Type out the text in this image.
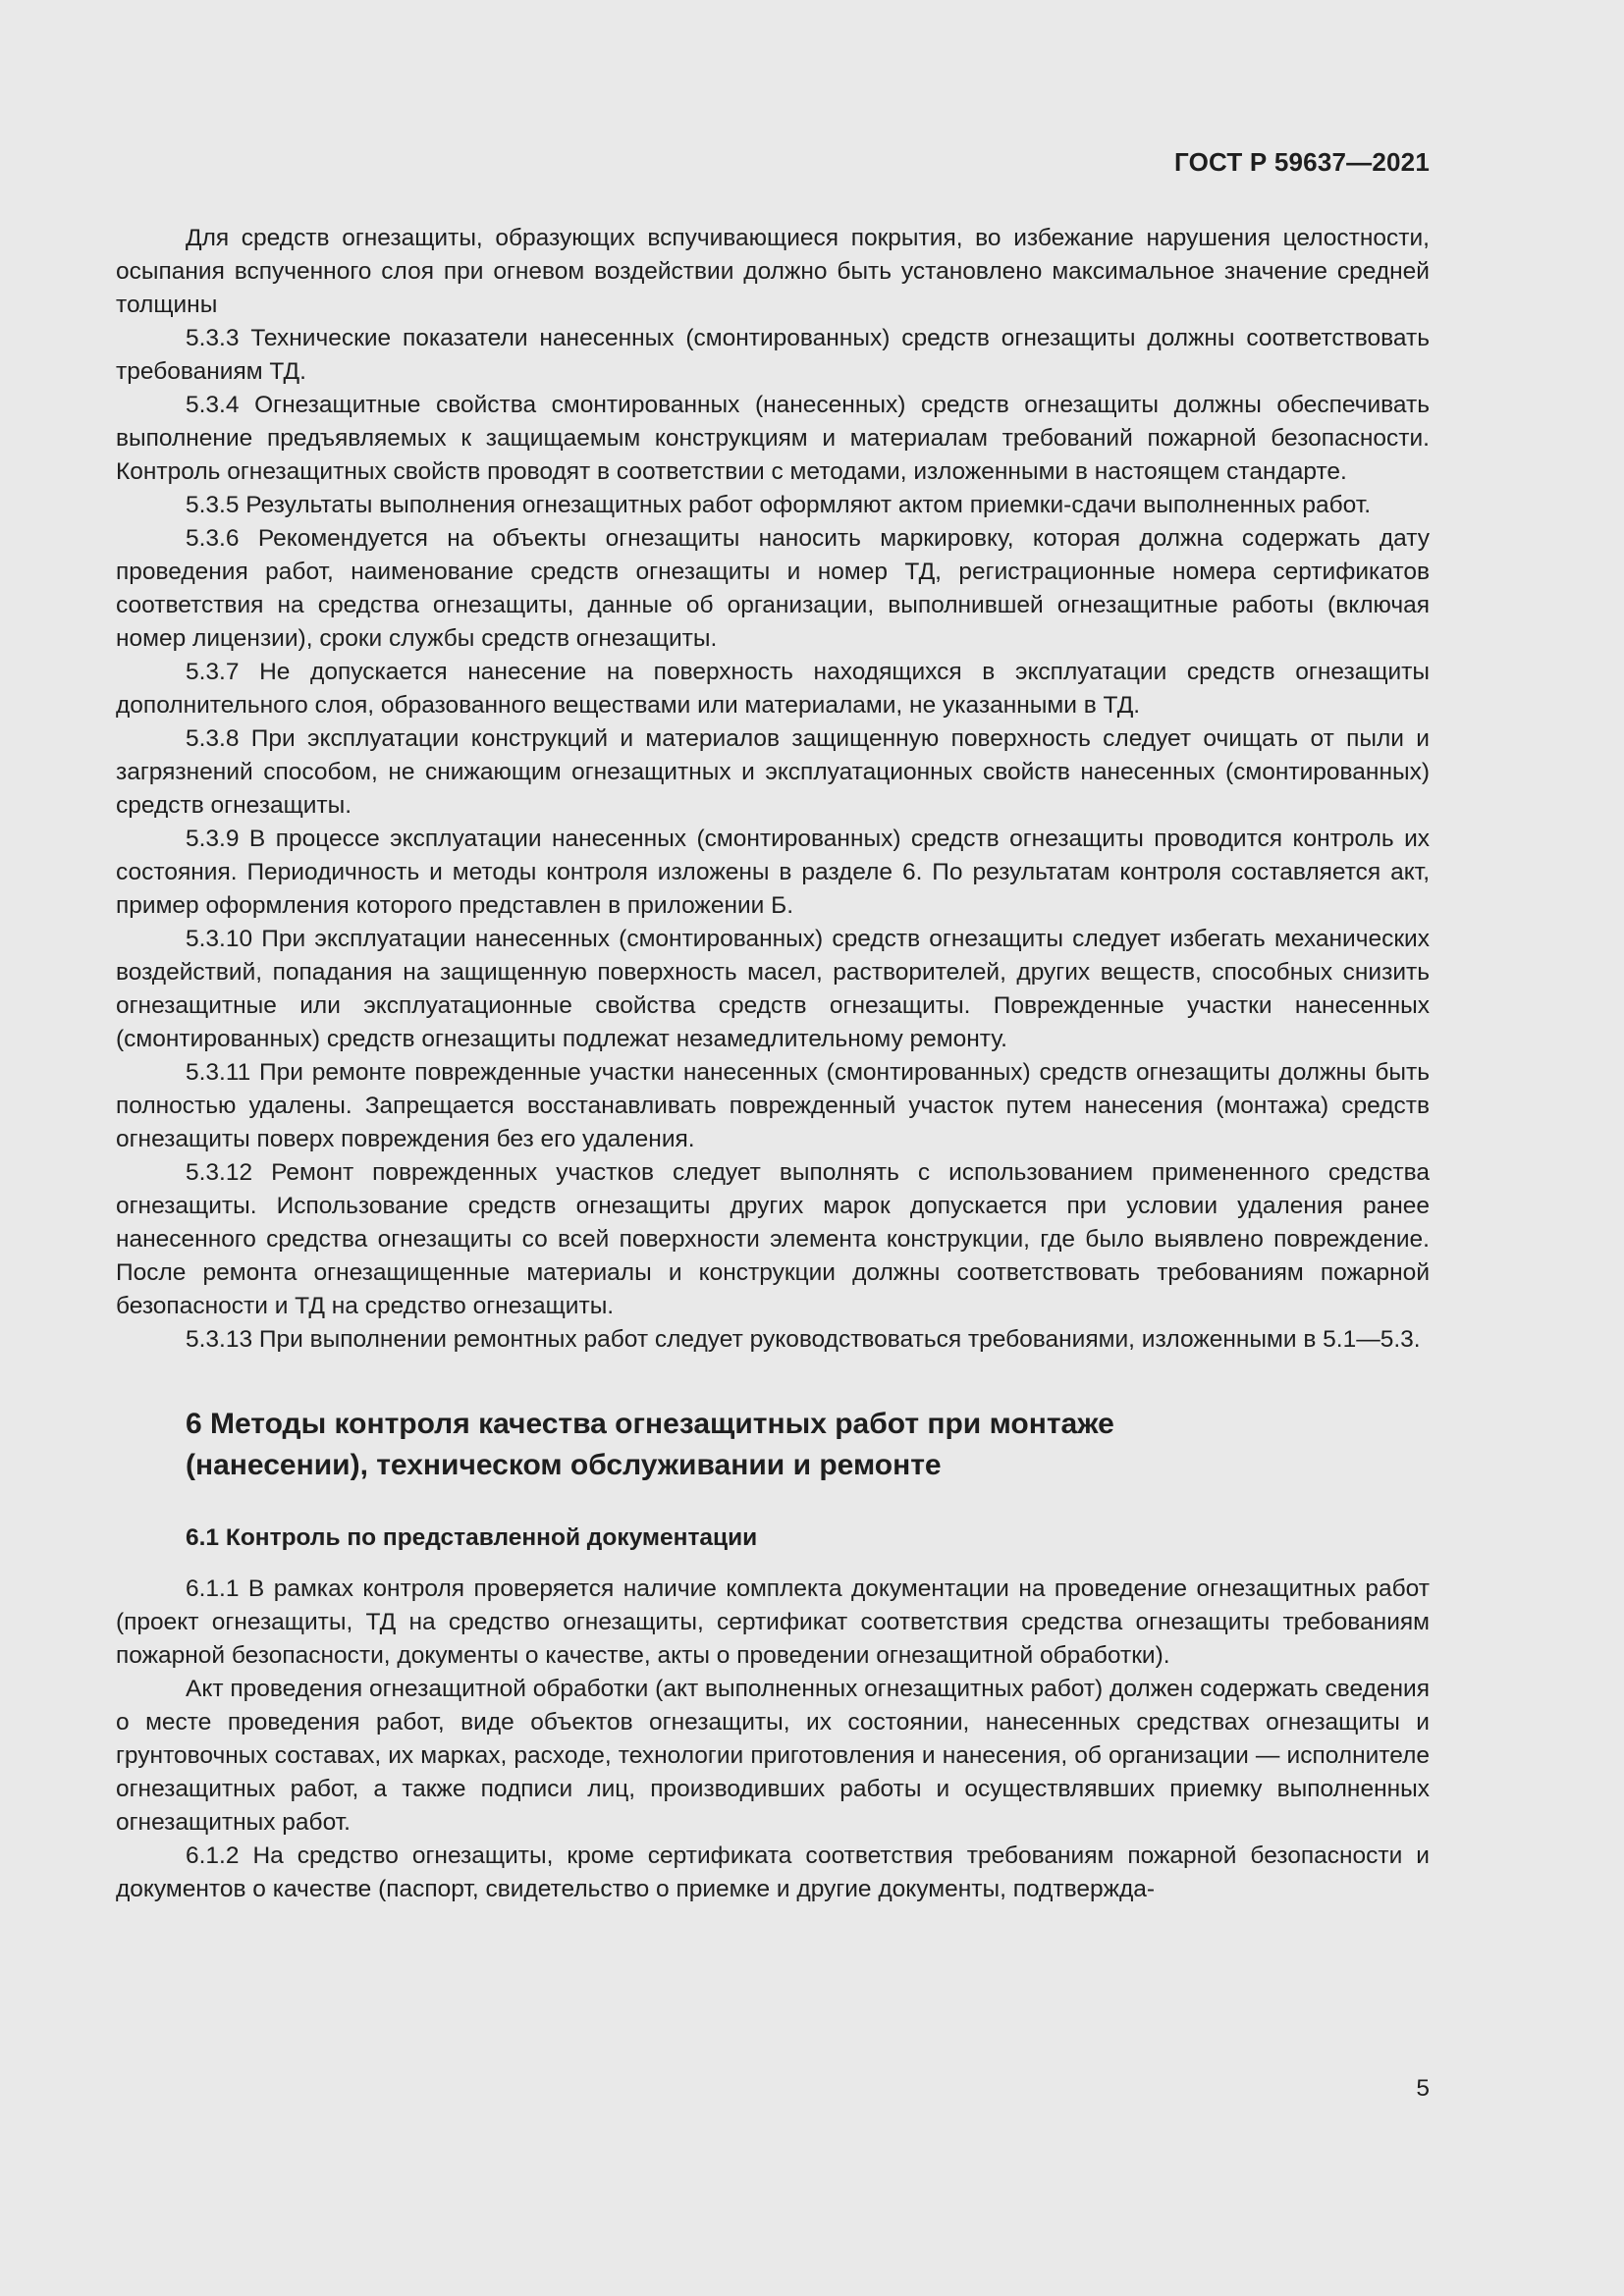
ГОСТ Р 59637—2021

Для средств огнезащиты, образующих вспучивающиеся покрытия, во избежание нарушения целостности, осыпания вспученного слоя при огневом воздействии должно быть установлено максимальное значение средней толщины

5.3.3 Технические показатели нанесенных (смонтированных) средств огнезащиты должны соответствовать требованиям ТД.

5.3.4 Огнезащитные свойства смонтированных (нанесенных) средств огнезащиты должны обеспечивать выполнение предъявляемых к защищаемым конструкциям и материалам требований пожарной безопасности. Контроль огнезащитных свойств проводят в соответствии с методами, изложенными в настоящем стандарте.

5.3.5 Результаты выполнения огнезащитных работ оформляют актом приемки-сдачи выполненных работ.

5.3.6 Рекомендуется на объекты огнезащиты наносить маркировку, которая должна содержать дату проведения работ, наименование средств огнезащиты и номер ТД, регистрационные номера сертификатов соответствия на средства огнезащиты, данные об организации, выполнившей огнезащитные работы (включая номер лицензии), сроки службы средств огнезащиты.

5.3.7 Не допускается нанесение на поверхность находящихся в эксплуатации средств огнезащиты дополнительного слоя, образованного веществами или материалами, не указанными в ТД.

5.3.8 При эксплуатации конструкций и материалов защищенную поверхность следует очищать от пыли и загрязнений способом, не снижающим огнезащитных и эксплуатационных свойств нанесенных (смонтированных) средств огнезащиты.

5.3.9 В процессе эксплуатации нанесенных (смонтированных) средств огнезащиты проводится контроль их состояния. Периодичность и методы контроля изложены в разделе 6. По результатам контроля составляется акт, пример оформления которого представлен в приложении Б.

5.3.10 При эксплуатации нанесенных (смонтированных) средств огнезащиты следует избегать механических воздействий, попадания на защищенную поверхность масел, растворителей, других веществ, способных снизить огнезащитные или эксплуатационные свойства средств огнезащиты. Поврежденные участки нанесенных (смонтированных) средств огнезащиты подлежат незамедлительному ремонту.

5.3.11 При ремонте поврежденные участки нанесенных (смонтированных) средств огнезащиты должны быть полностью удалены. Запрещается восстанавливать поврежденный участок путем нанесения (монтажа) средств огнезащиты поверх повреждения без его удаления.

5.3.12 Ремонт поврежденных участков следует выполнять с использованием примененного средства огнезащиты. Использование средств огнезащиты других марок допускается при условии удаления ранее нанесенного средства огнезащиты со всей поверхности элемента конструкции, где было выявлено повреждение. После ремонта огнезащищенные материалы и конструкции должны соответствовать требованиям пожарной безопасности и ТД на средство огнезащиты.

5.3.13 При выполнении ремонтных работ следует руководствоваться требованиями, изложенными в 5.1—5.3.

6 Методы контроля качества огнезащитных работ при монтаже (нанесении), техническом обслуживании и ремонте
6.1 Контроль по представленной документации

6.1.1 В рамках контроля проверяется наличие комплекта документации на проведение огнезащитных работ (проект огнезащиты, ТД на средство огнезащиты, сертификат соответствия средства огнезащиты требованиям пожарной безопасности, документы о качестве, акты о проведении огнезащитной обработки).

Акт проведения огнезащитной обработки (акт выполненных огнезащитных работ) должен содержать сведения о месте проведения работ, виде объектов огнезащиты, их состоянии, нанесенных средствах огнезащиты и грунтовочных составах, их марках, расходе, технологии приготовления и нанесения, об организации — исполнителе огнезащитных работ, а также подписи лиц, производивших работы и осуществлявших приемку выполненных огнезащитных работ.

6.1.2 На средство огнезащиты, кроме сертификата соответствия требованиям пожарной безопасности и документов о качестве (паспорт, свидетельство о приемке и другие документы, подтвержда-

5
